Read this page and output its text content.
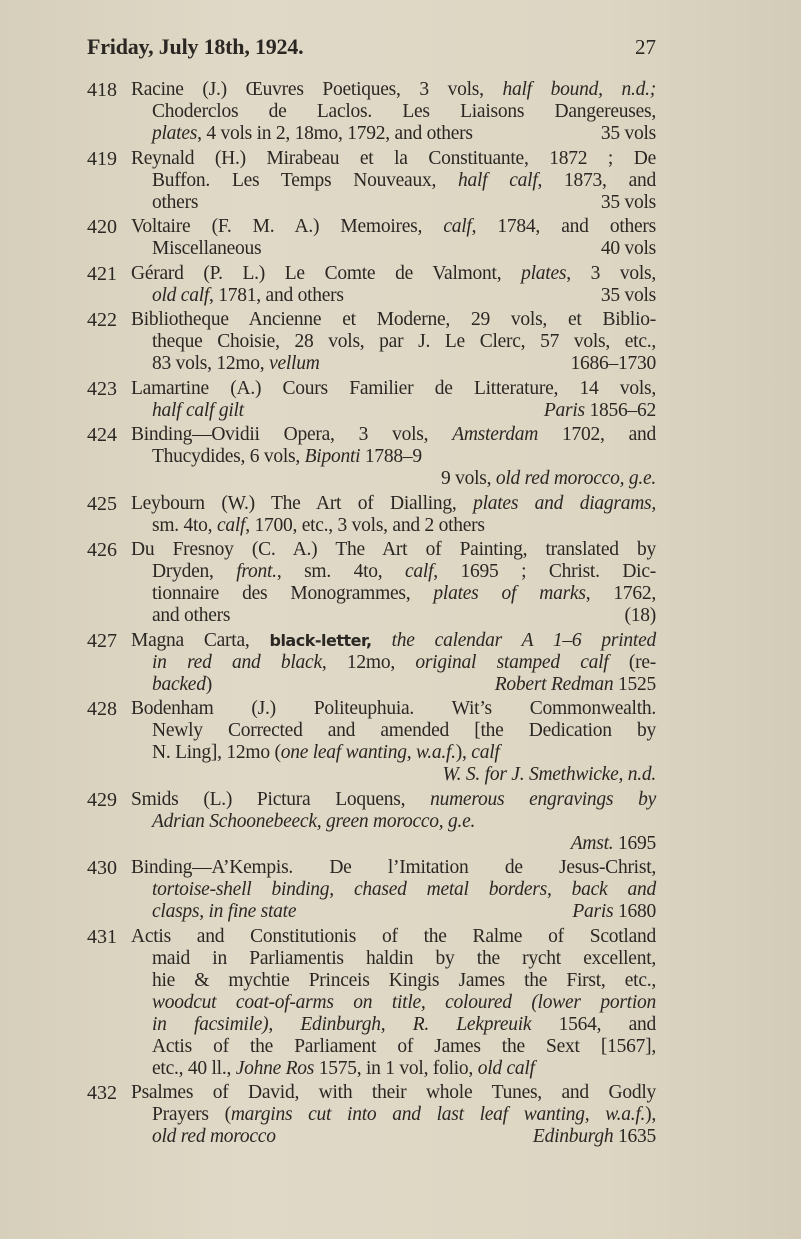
Friday, July 18th, 1924.	27
418 Racine (J.) Œuvres Poetiques, 3 vols, half bound, n.d.;
Choderclos de Laclos. Les Liaisons Dangereuses,
plates, 4 vols in 2, 18mo, 1792, and others	35 vols
419 Reynald (H.) Mirabeau et la Constituante, 1872 ; De
Buffon. Les Temps Nouveaux, half calf, 1873, and
others	35 vols
420 Voltaire (F. M. A.) Memoires, calf, 1784, and others
Miscellaneous	40 vols
421 Gérard (P. L.) Le Comte de Valmont, plates, 3 vols,
old calf, 1781, and others	35 vols
422 Bibliotheque Ancienne et Moderne, 29 vols, et Biblio-
theque Choisie, 28 vols, par J. Le Clerc, 57 vols, etc.,
83 vols, 12mo, vellum	1686–1730
423 Lamartine (A.) Cours Familier de Litterature, 14 vols,
half calf gilt	Paris 1856–62
424 Binding—Ovidii Opera, 3 vols, Amsterdam 1702, and
Thucydides, 6 vols, Biponti 1788–9
9 vols, old red morocco, g.e.
425 Leybourn (W.) The Art of Dialling, plates and diagrams,
sm. 4to, calf, 1700, etc., 3 vols, and 2 others
426 Du Fresnoy (C. A.) The Art of Painting, translated by
Dryden, front., sm. 4to, calf, 1695 ; Christ. Dic-
tionnaire des Monogrammes, plates of marks, 1762,
and others	(18)
427 Magna Carta, black-letter, the calendar A 1–6 printed
in red and black, 12mo, original stamped calf (re-
backed)	Robert Redman 1525
428 Bodenham (J.) Politeuphuia. Wit’s Commonwealth.
Newly Corrected and amended [the Dedication by
N. Ling], 12mo (one leaf wanting, w.a.f.), calf
W. S. for J. Smethwicke, n.d.
429 Smids (L.) Pictura Loquens, numerous engravings by
Adrian Schoonebeeck, green morocco, g.e.
Amst. 1695
430 Binding—A’Kempis. De l’Imitation de Jesus-Christ,
tortoise-shell binding, chased metal borders, back and
clasps, in fine state	Paris 1680
431 Actis and Constitutionis of the Ralme of Scotland
maid in Parliamentis haldin by the rycht excellent,
hie & mychtie Princeis Kingis James the First, etc.,
woodcut coat-of-arms on title, coloured (lower portion
in facsimile), Edinburgh, R. Lekpreuik 1564, and
Actis of the Parliament of James the Sext [1567],
etc., 40 ll., Johne Ros 1575, in 1 vol, folio, old calf
432 Psalmes of David, with their whole Tunes, and Godly
Prayers (margins cut into and last leaf wanting, w.a.f.),
old red morocco	Edinburgh 1635
